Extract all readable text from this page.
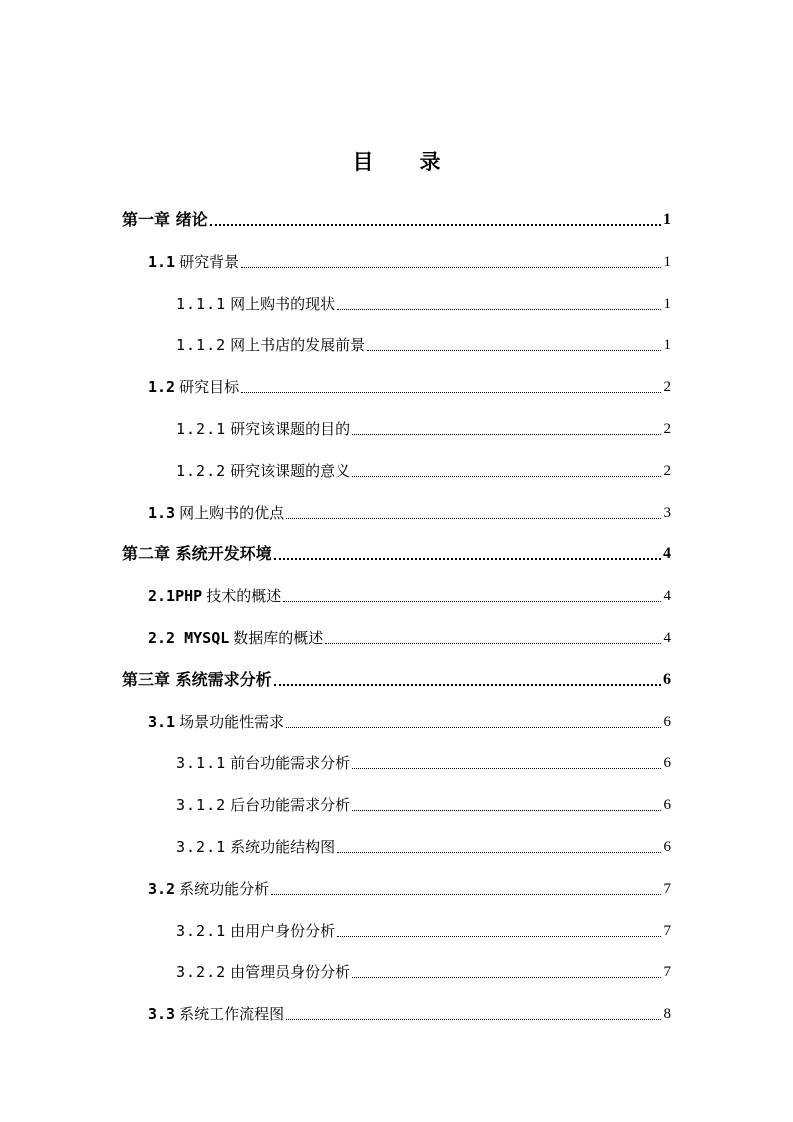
目 录
第一章 绪论	1
1.1 研究背景	1
1.1.1 网上购书的现状	1
1.1.2 网上书店的发展前景	1
1.2 研究目标	2
1.2.1 研究该课题的目的	2
1.2.2 研究该课题的意义	2
1.3 网上购书的优点	3
第二章 系统开发环境	4
2.1PHP 技术的概述	4
2.2 MYSQL 数据库的概述	4
第三章 系统需求分析	6
3.1 场景功能性需求	6
3.1.1 前台功能需求分析	6
3.1.2 后台功能需求分析	6
3.2.1 系统功能结构图	6
3.2 系统功能分析	7
3.2.1 由用户身份分析	7
3.2.2 由管理员身份分析	7
3.3 系统工作流程图	8
